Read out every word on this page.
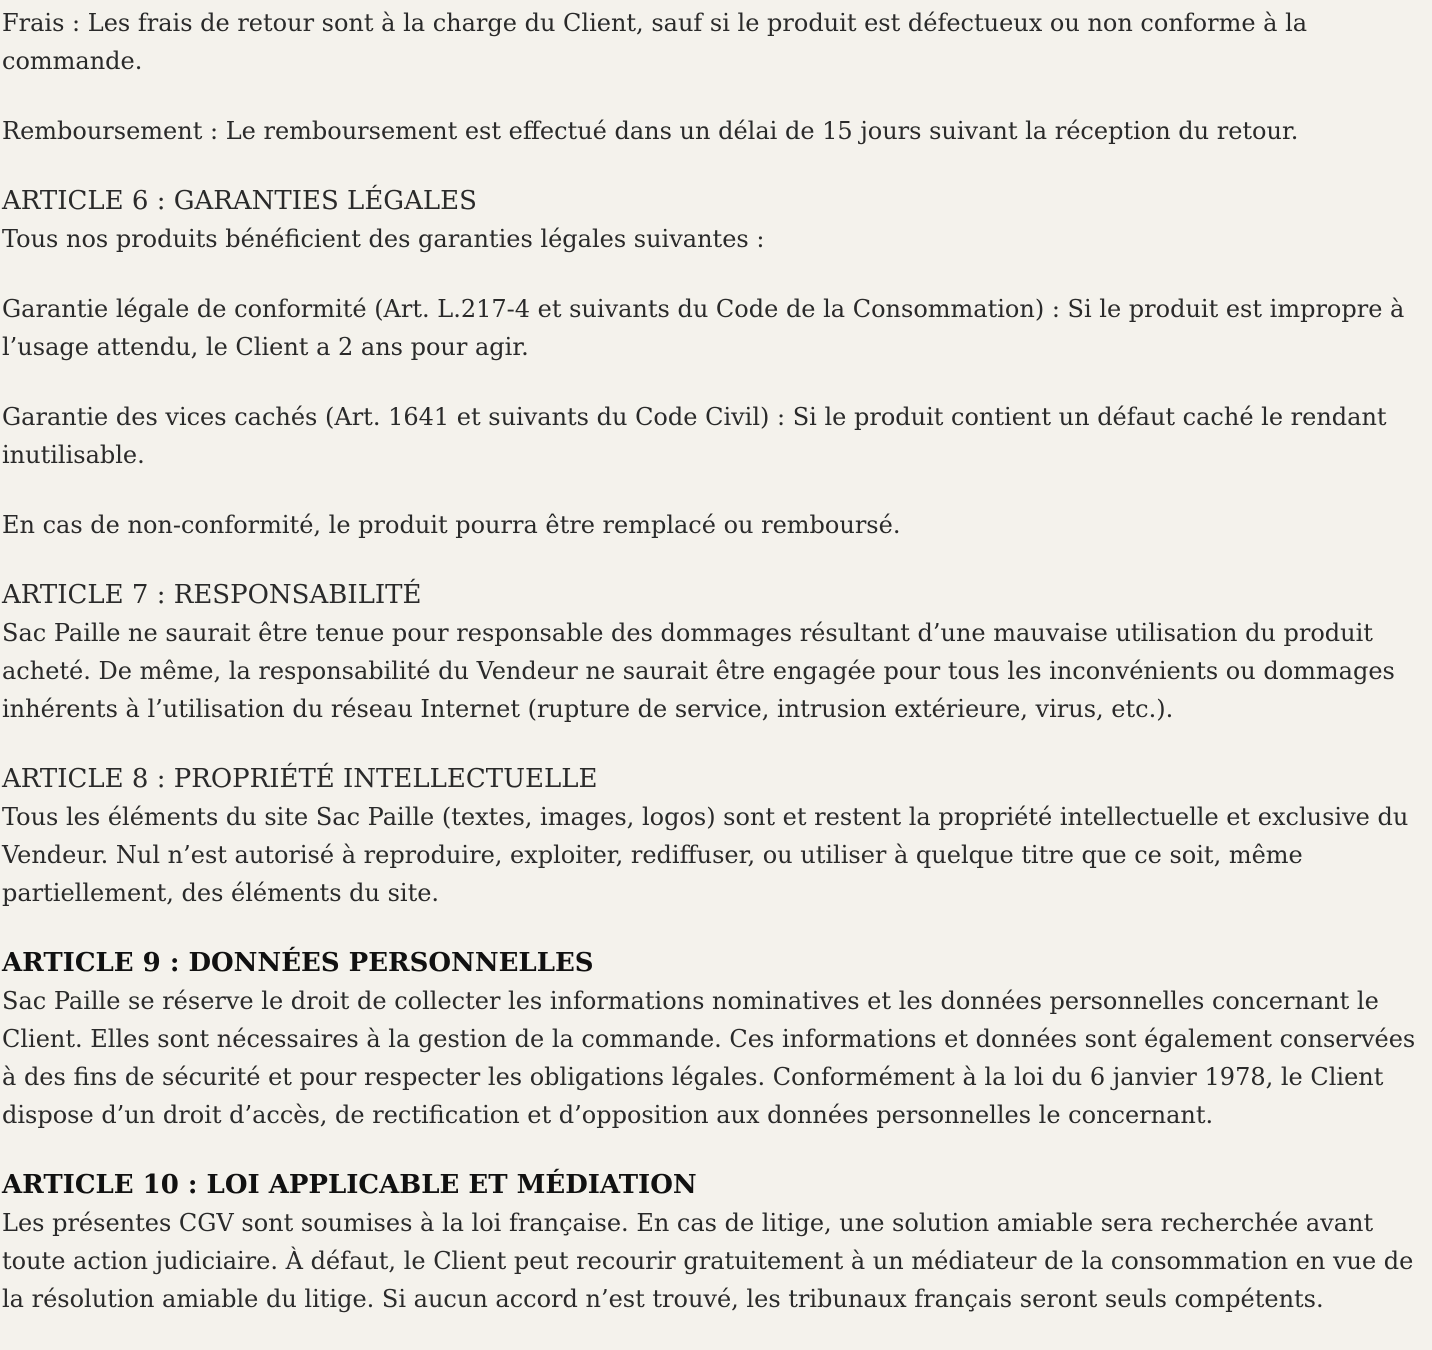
Frais : Les frais de retour sont à la charge du Client, sauf si le produit est défectueux ou non conforme à la commande.

Remboursement : Le remboursement est effectué dans un délai de 15 jours suivant la réception du retour.

ARTICLE 6 : GARANTIES LÉGALES

Tous nos produits bénéficient des garanties légales suivantes :

Garantie légale de conformité (Art. L.217-4 et suivants du Code de la Consommation) : Si le produit est impropre à l’usage attendu, le Client a 2 ans pour agir.

Garantie des vices cachés (Art. 1641 et suivants du Code Civil) : Si le produit contient un défaut caché le rendant inutilisable.

En cas de non-conformité, le produit pourra être remplacé ou remboursé.

ARTICLE 7 : RESPONSABILITÉ

Sac Paille ne saurait être tenue pour responsable des dommages résultant d’une mauvaise utilisation du produit acheté. De même, la responsabilité du Vendeur ne saurait être engagée pour tous les inconvénients ou dommages inhérents à l’utilisation du réseau Internet (rupture de service, intrusion extérieure, virus, etc.).

ARTICLE 8 : PROPRIÉTÉ INTELLECTUELLE

Tous les éléments du site Sac Paille (textes, images, logos) sont et restent la propriété intellectuelle et exclusive du Vendeur. Nul n’est autorisé à reproduire, exploiter, rediffuser, ou utiliser à quelque titre que ce soit, même partiellement, des éléments du site.

ARTICLE 9 : DONNÉES PERSONNELLES

Sac Paille se réserve le droit de collecter les informations nominatives et les données personnelles concernant le Client. Elles sont nécessaires à la gestion de la commande. Ces informations et données sont également conservées à des fins de sécurité et pour respecter les obligations légales. Conformément à la loi du 6 janvier 1978, le Client dispose d’un droit d’accès, de rectification et d’opposition aux données personnelles le concernant.

ARTICLE 10 : LOI APPLICABLE ET MÉDIATION

Les présentes CGV sont soumises à la loi française. En cas de litige, une solution amiable sera recherchée avant toute action judiciaire. À défaut, le Client peut recourir gratuitement à un médiateur de la consommation en vue de la résolution amiable du litige. Si aucun accord n’est trouvé, les tribunaux français seront seuls compétents.
